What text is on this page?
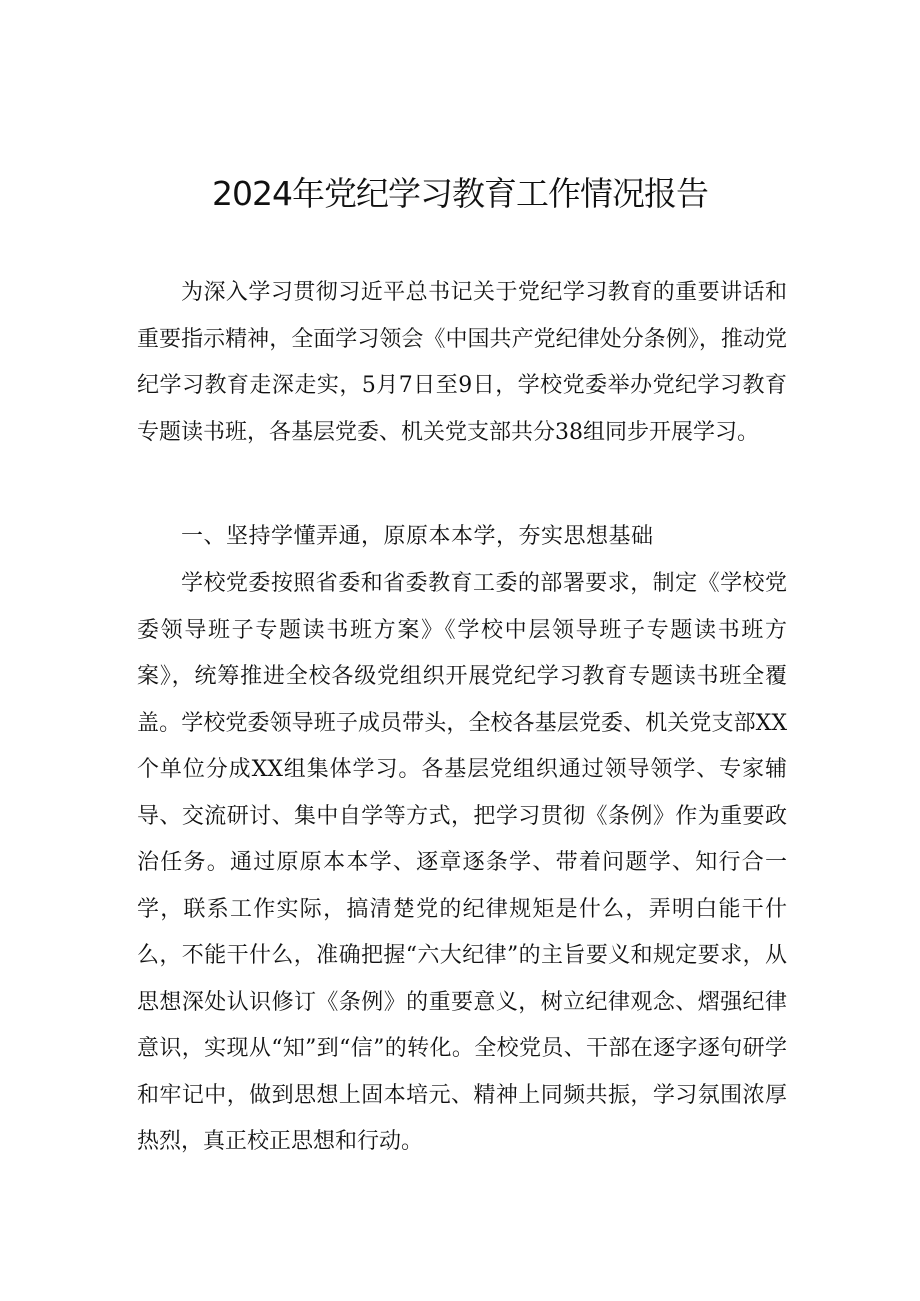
2024年党纪学习教育工作情况报告

为深入学习贯彻习近平总书记关于党纪学习教育的重要讲话和重要指示精神，全面学习领会《中国共产党纪律处分条例》，推动党纪学习教育走深走实，5月7日至9日，学校党委举办党纪学习教育专题读书班，各基层党委、机关党支部共分38组同步开展学习。

一、坚持学懂弄通，原原本本学，夯实思想基础

学校党委按照省委和省委教育工委的部署要求，制定《学校党委领导班子专题读书班方案》《学校中层领导班子专题读书班方案》，统筹推进全校各级党组织开展党纪学习教育专题读书班全覆盖。学校党委领导班子成员带头，全校各基层党委、机关党支部XX个单位分成XX组集体学习。各基层党组织通过领导领学、专家辅导、交流研讨、集中自学等方式，把学习贯彻《条例》作为重要政治任务。通过原原本本学、逐章逐条学、带着问题学、知行合一学，联系工作实际，搞清楚党的纪律规矩是什么，弄明白能干什么，不能干什么，准确把握“六大纪律”的主旨要义和规定要求，从思想深处认识修订《条例》的重要意义，树立纪律观念、熠强纪律意识，实现从“知”到“信”的转化。全校党员、干部在逐字逐句研学和牢记中，做到思想上固本培元、精神上同频共振，学习氛围浓厚热烈，真正校正思想和行动。
